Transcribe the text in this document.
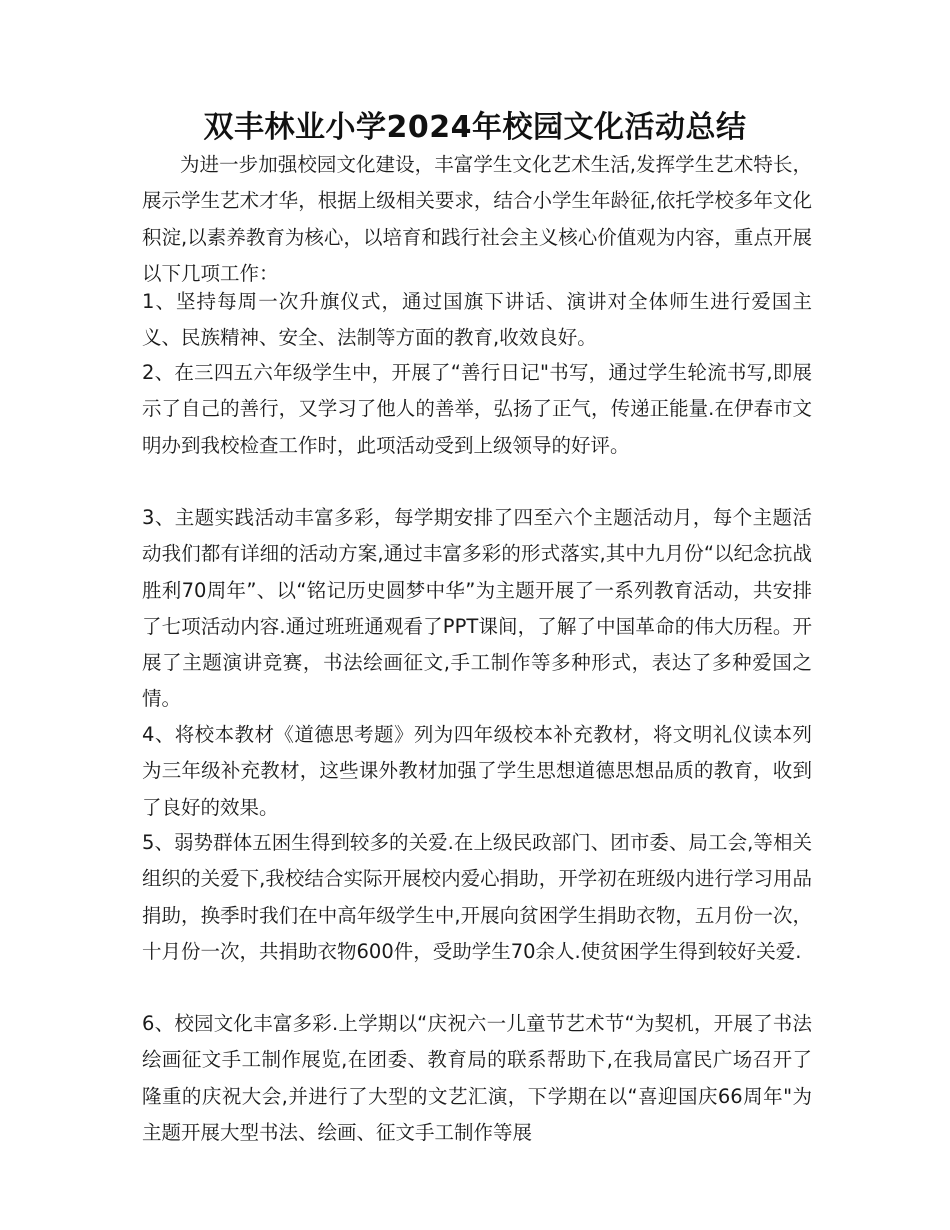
双丰林业小学2024年校园文化活动总结

为进一步加强校园文化建设，丰富学生文化艺术生活,发挥学生艺术特长，展示学生艺术才华，根据上级相关要求，结合小学生年龄征,依托学校多年文化积淀,以素养教育为核心，以培育和践行社会主义核心价值观为内容，重点开展以下几项工作：

1、坚持每周一次升旗仪式，通过国旗下讲话、演讲对全体师生进行爱国主义、民族精神、安全、法制等方面的教育,收效良好。

2、在三四五六年级学生中，开展了“善行日记"书写，通过学生轮流书写,即展示了自己的善行，又学习了他人的善举，弘扬了正气，传递正能量.在伊春市文明办到我校检查工作时，此项活动受到上级领导的好评。

3、主题实践活动丰富多彩，每学期安排了四至六个主题活动月，每个主题活动我们都有详细的活动方案,通过丰富多彩的形式落实,其中九月份“以纪念抗战胜利70周年”、以“铭记历史圆梦中华”为主题开展了一系列教育活动，共安排了七项活动内容.通过班班通观看了PPT课间，了解了中国革命的伟大历程。开展了主题演讲竞赛，书法绘画征文,手工制作等多种形式，表达了多种爱国之情。

4、将校本教材《道德思考题》列为四年级校本补充教材，将文明礼仪读本列为三年级补充教材，这些课外教材加强了学生思想道德思想品质的教育，收到了良好的效果。

5、弱势群体五困生得到较多的关爱.在上级民政部门、团市委、局工会,等相关组织的关爱下,我校结合实际开展校内爱心捐助，开学初在班级内进行学习用品捐助，换季时我们在中高年级学生中,开展向贫困学生捐助衣物，五月份一次，十月份一次，共捐助衣物600件，受助学生70余人.使贫困学生得到较好关爱.

6、校园文化丰富多彩.上学期以“庆祝六一儿童节艺术节“为契机，开展了书法绘画征文手工制作展览,在团委、教育局的联系帮助下,在我局富民广场召开了隆重的庆祝大会,并进行了大型的文艺汇演，下学期在以“喜迎国庆66周年"为主题开展大型书法、绘画、征文手工制作等展
